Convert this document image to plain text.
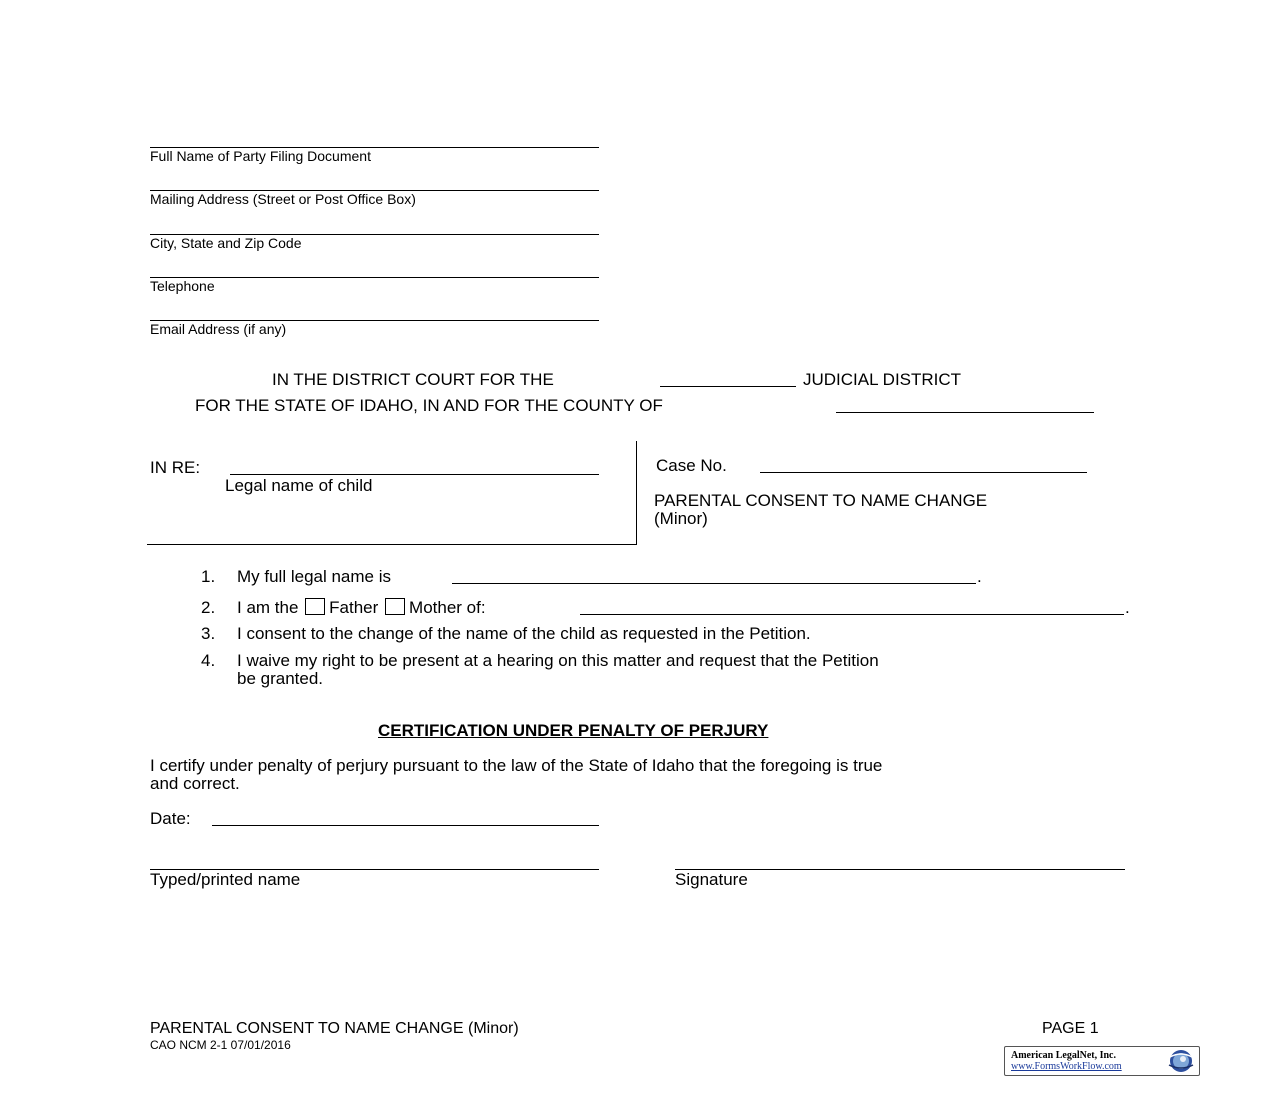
Full Name of Party Filing Document
Mailing Address (Street or Post Office Box)
City, State and Zip Code
Telephone
Email Address (if any)
IN THE DISTRICT COURT FOR THE	JUDICIAL DISTRICT
FOR THE STATE OF IDAHO, IN AND FOR THE COUNTY OF
IN RE:
Legal name of child
Case No.
PARENTAL CONSENT TO NAME CHANGE
(Minor)
1. My full legal name is	.
2. I am the Father Mother of:	.
3. I consent to the change of the name of the child as requested in the Petition.
4. I waive my right to be present at a hearing on this matter and request that the Petition
be granted.
CERTIFICATION UNDER PENALTY OF PERJURY
I certify under penalty of perjury pursuant to the law of the State of Idaho that the foregoing is true
and correct.
Date:
Typed/printed name	Signature
PARENTAL CONSENT TO NAME CHANGE (Minor)
CAO NCM 2-1 07/01/2016
PAGE 1
American LegalNet, Inc.
www.FormsWorkFlow.com
